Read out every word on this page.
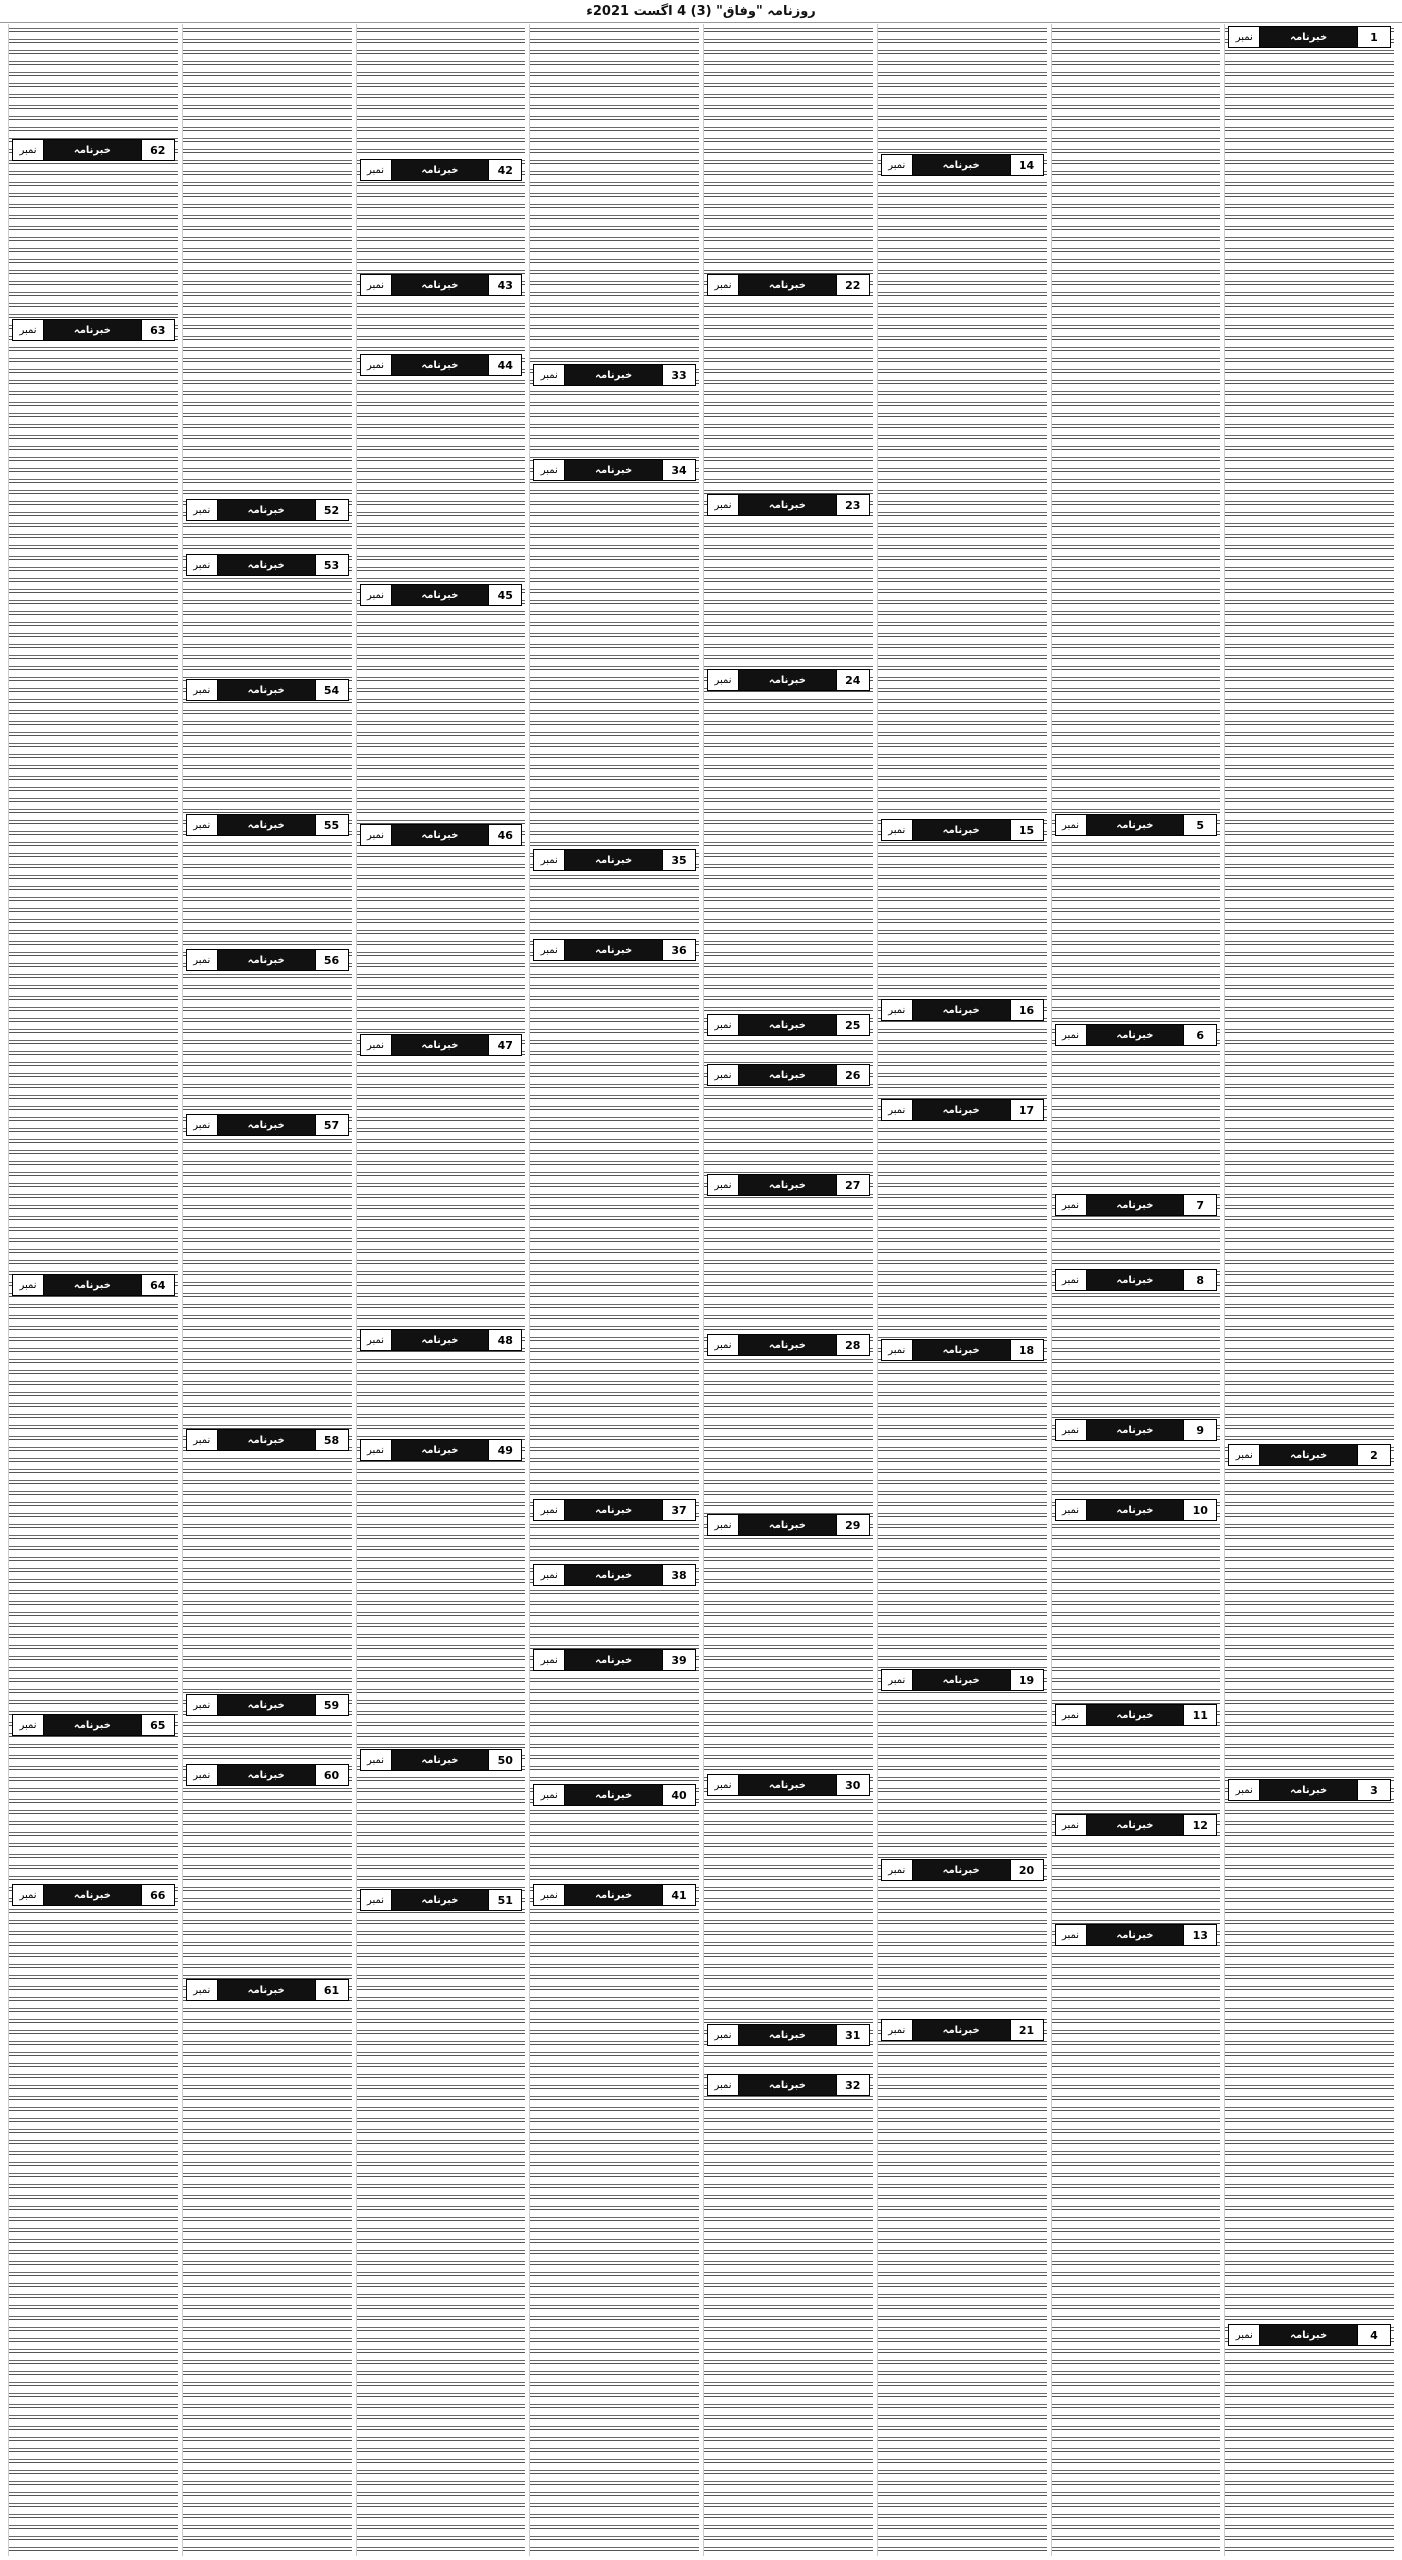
روزنامہ "وفاق" (3) 4 اگست 2021ء
1
خبرنامہ
نمبر
2
خبرنامہ
نمبر
3
خبرنامہ
نمبر
4
خبرنامہ
نمبر
5
خبرنامہ
نمبر
6
خبرنامہ
نمبر
7
خبرنامہ
نمبر
8
خبرنامہ
نمبر
9
خبرنامہ
نمبر
10
خبرنامہ
نمبر
11
خبرنامہ
نمبر
12
خبرنامہ
نمبر
13
خبرنامہ
نمبر
14
خبرنامہ
نمبر
15
خبرنامہ
نمبر
16
خبرنامہ
نمبر
17
خبرنامہ
نمبر
18
خبرنامہ
نمبر
19
خبرنامہ
نمبر
20
خبرنامہ
نمبر
21
خبرنامہ
نمبر
22
خبرنامہ
نمبر
23
خبرنامہ
نمبر
24
خبرنامہ
نمبر
25
خبرنامہ
نمبر
26
خبرنامہ
نمبر
27
خبرنامہ
نمبر
28
خبرنامہ
نمبر
29
خبرنامہ
نمبر
30
خبرنامہ
نمبر
31
خبرنامہ
نمبر
32
خبرنامہ
نمبر
33
خبرنامہ
نمبر
34
خبرنامہ
نمبر
35
خبرنامہ
نمبر
36
خبرنامہ
نمبر
37
خبرنامہ
نمبر
38
خبرنامہ
نمبر
39
خبرنامہ
نمبر
40
خبرنامہ
نمبر
41
خبرنامہ
نمبر
42
خبرنامہ
نمبر
43
خبرنامہ
نمبر
44
خبرنامہ
نمبر
45
خبرنامہ
نمبر
46
خبرنامہ
نمبر
47
خبرنامہ
نمبر
48
خبرنامہ
نمبر
49
خبرنامہ
نمبر
50
خبرنامہ
نمبر
51
خبرنامہ
نمبر
52
خبرنامہ
نمبر
53
خبرنامہ
نمبر
54
خبرنامہ
نمبر
55
خبرنامہ
نمبر
56
خبرنامہ
نمبر
57
خبرنامہ
نمبر
58
خبرنامہ
نمبر
59
خبرنامہ
نمبر
60
خبرنامہ
نمبر
61
خبرنامہ
نمبر
62
خبرنامہ
نمبر
63
خبرنامہ
نمبر
64
خبرنامہ
نمبر
65
خبرنامہ
نمبر
66
خبرنامہ
نمبر
